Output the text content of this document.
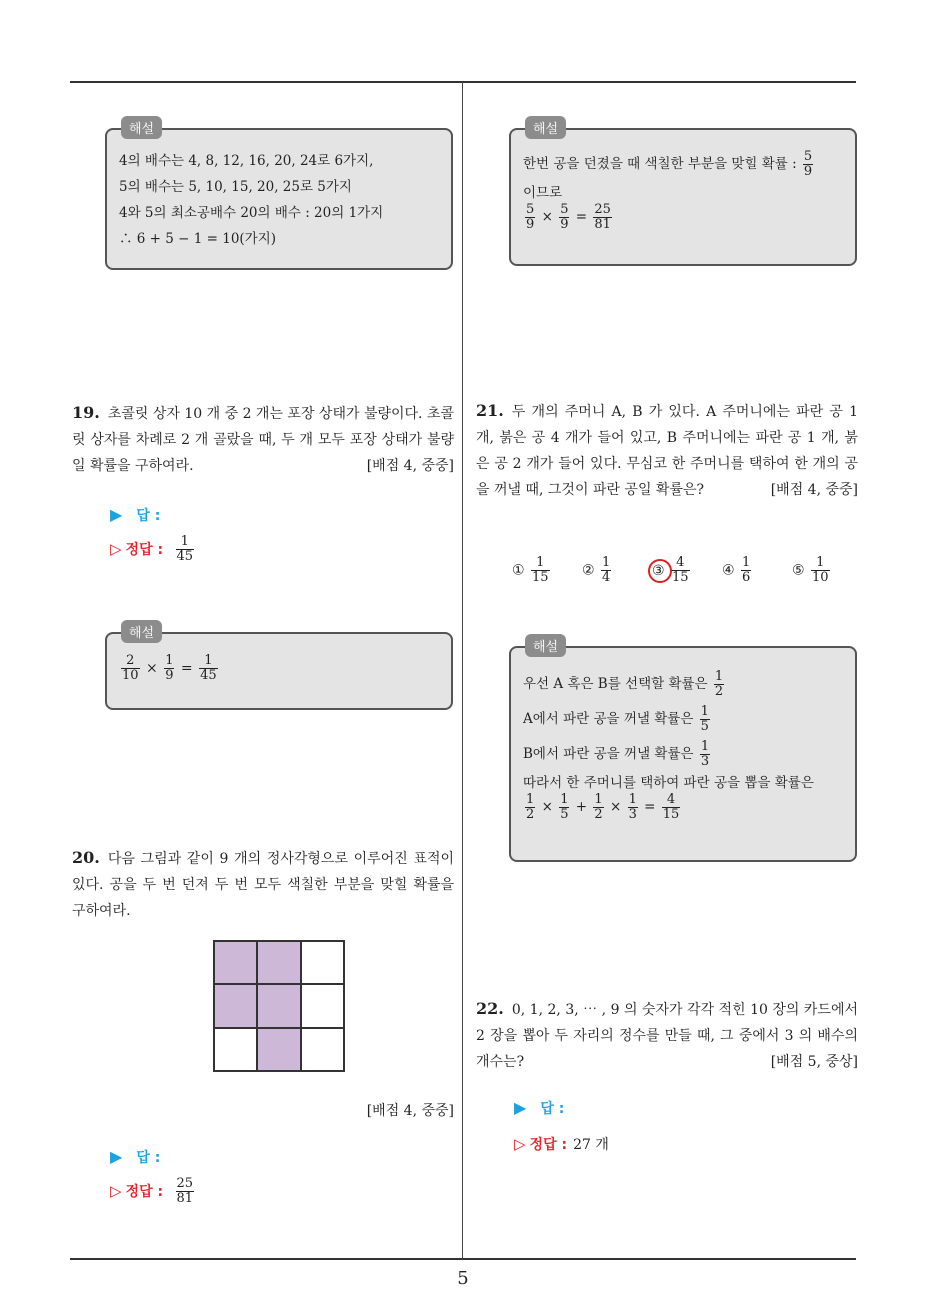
해설
4의 배수는 4, 8, 12, 16, 20, 24로 6가지,
5의 배수는 5, 10, 15, 20, 25로 5가지
4와 5의 최소공배수 20의 배수 : 20의 1가지
∴ 6 + 5 − 1 = 10(가지)
19. 초콜릿 상자 10 개 중 2 개는 포장 상태가 불량이다. 초콜릿 상자를 차례로 2 개 골랐을 때, 두 개 모두 포장 상태가 불량일 확률을 구하여라.	[배점 4, 중중]
▶ 답 :
▷ 정답 : $\frac{1}{45}$
해설
$\frac{2}{10} \times \frac{1}{9} = \frac{1}{45}$
20. 다음 그림과 같이 9 개의 정사각형으로 이루어진 표적이 있다. 공을 두 번 던져 두 번 모두 색칠한 부분을 맞힐 확률을 구하여라.
[배점 4, 중중]
▶ 답 :
▷ 정답 : $\frac{25}{81}$
해설
한번 공을 던졌을 때 색칠한 부분을 맞힐 확률 : $\frac{5}{9}$
이므로
$\frac{5}{9} \times \frac{5}{9} = \frac{25}{81}$
21. 두 개의 주머니 A, B 가 있다. A 주머니에는 파란 공 1 개, 붉은 공 4 개가 들어 있고, B 주머니에는 파란 공 1 개, 붉은 공 2 개가 들어 있다. 무심코 한 주머니를 택하여 한 개의 공을 꺼낼 때, 그것이 파란 공일 확률은?	[배점 4, 중중]
① $\frac{1}{15}$ ② $\frac{1}{4}$	③ $\frac{4}{15}$ ④ $\frac{1}{6}$	⑤ $\frac{1}{10}$
해설
우선 A 혹은 B를 선택할 확률은 $\frac{1}{2}$
A에서 파란 공을 꺼낼 확률은 $\frac{1}{5}$
B에서 파란 공을 꺼낼 확률은 $\frac{1}{3}$
따라서 한 주머니를 택하여 파란 공을 뽑을 확률은
$\frac{1}{2} \times \frac{1}{5} + \frac{1}{2} \times \frac{1}{3} = \frac{4}{15}$
22. 0, 1, 2, 3, ⋯ , 9 의 숫자가 각각 적힌 10 장의 카드에서 2 장을 뽑아 두 자리의 정수를 만들 때, 그 중에서 3 의 배수의 개수는?	[배점 5, 중상]
▶ 답 :
▷ 정답 : 27 개
5
